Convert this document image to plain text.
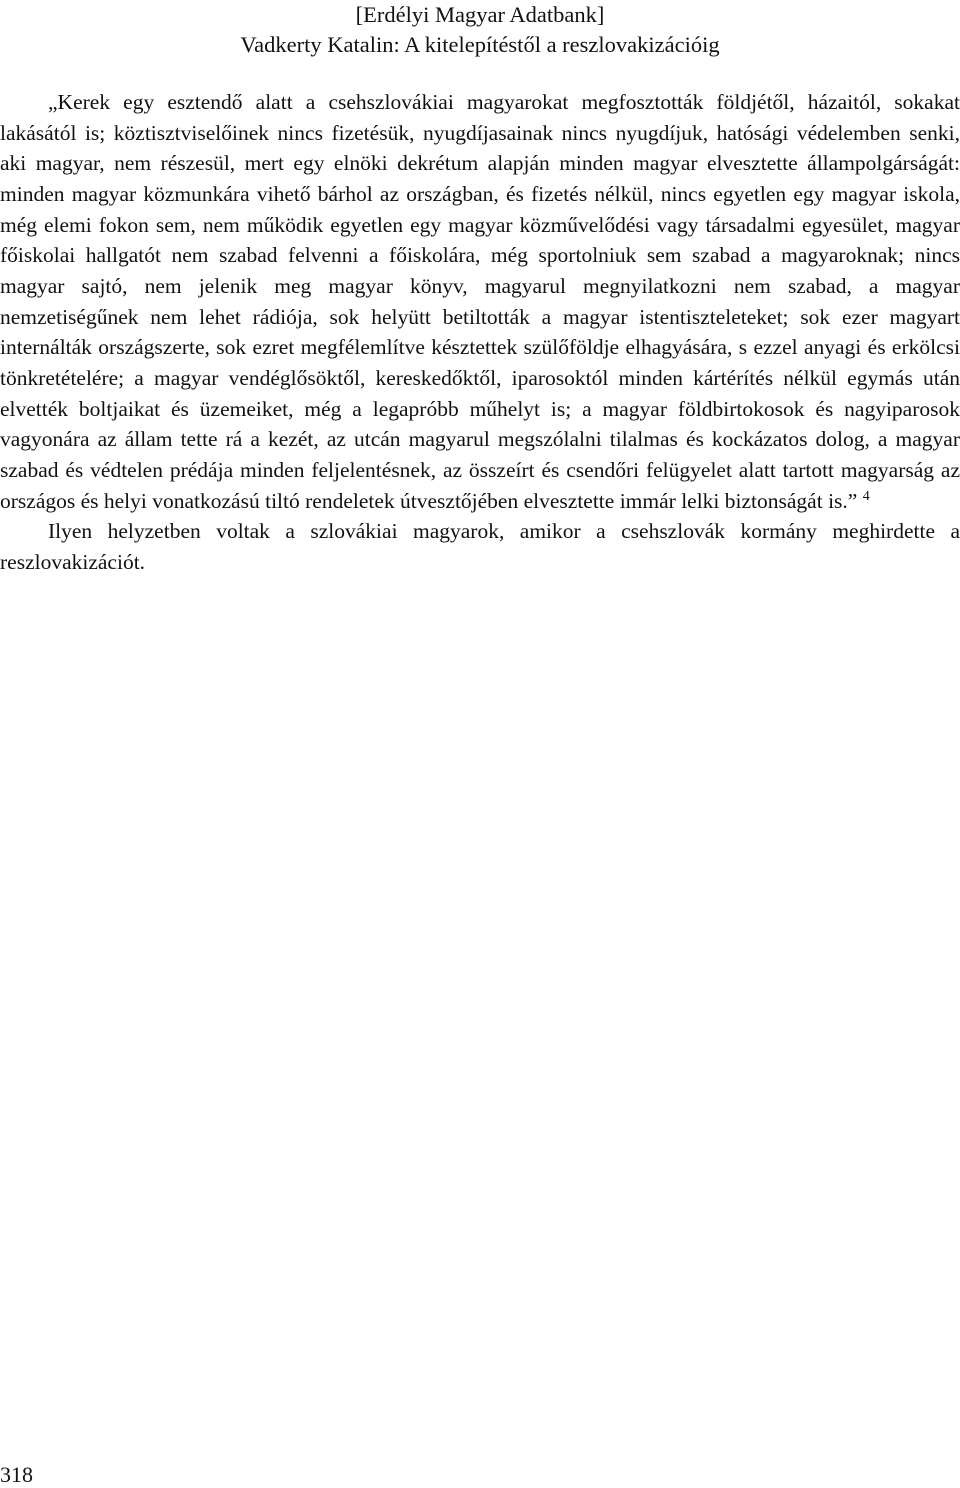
[Erdélyi Magyar Adatbank]
Vadkerty Katalin: A kitelepítéstől a reszlovakizációig

„Kerek egy esztendő alatt a csehszlovákiai magyarokat megfosztották földjétől, házaitól, sokakat lakásától is; köztisztviselőinek nincs fizetésük, nyugdíjasainak nincs nyugdíjuk, hatósági védelemben senki, aki magyar, nem részesül, mert egy elnöki dekrétum alapján minden magyar elvesztette állampolgárságát: minden magyar közmunkára vihető bárhol az országban, és fizetés nélkül, nincs egyetlen egy magyar iskola, még elemi fokon sem, nem működik egyetlen egy magyar közművelődési vagy társadalmi egyesület, magyar főiskolai hallgatót nem szabad felvenni a főiskolára, még sportolniuk sem szabad a magyaroknak; nincs magyar sajtó, nem jelenik meg magyar könyv, magyarul megnyilatkozni nem szabad, a magyar nemzetiségűnek nem lehet rádiója, sok helyütt betiltották a magyar istentiszteleteket; sok ezer magyart internálták országszerte, sok ezret megfélemlítve késztettek szülőföldje elhagyására, s ezzel anyagi és erkölcsi tönkretételére; a magyar vendéglősöktől, kereskedőktől, iparosoktól minden kártérítés nélkül egymás után elvették boltjaikat és üzemeiket, még a legapróbb műhelyt is; a magyar földbirtokosok és nagyiparosok vagyonára az állam tette rá a kezét, az utcán magyarul megszólalni tilalmas és kockázatos dolog, a magyar szabad és védtelen prédája minden feljelentésnek, az összeírt és csendőri felügyelet alatt tartott magyarság az országos és helyi vonatkozású tiltó rendeletek útvesztőjében elvesztette immár lelki biztonságát is.” $^4$

Ilyen helyzetben voltak a szlovákiai magyarok, amikor a csehszlovák kormány meghirdette a reszlovakizációt.

318
